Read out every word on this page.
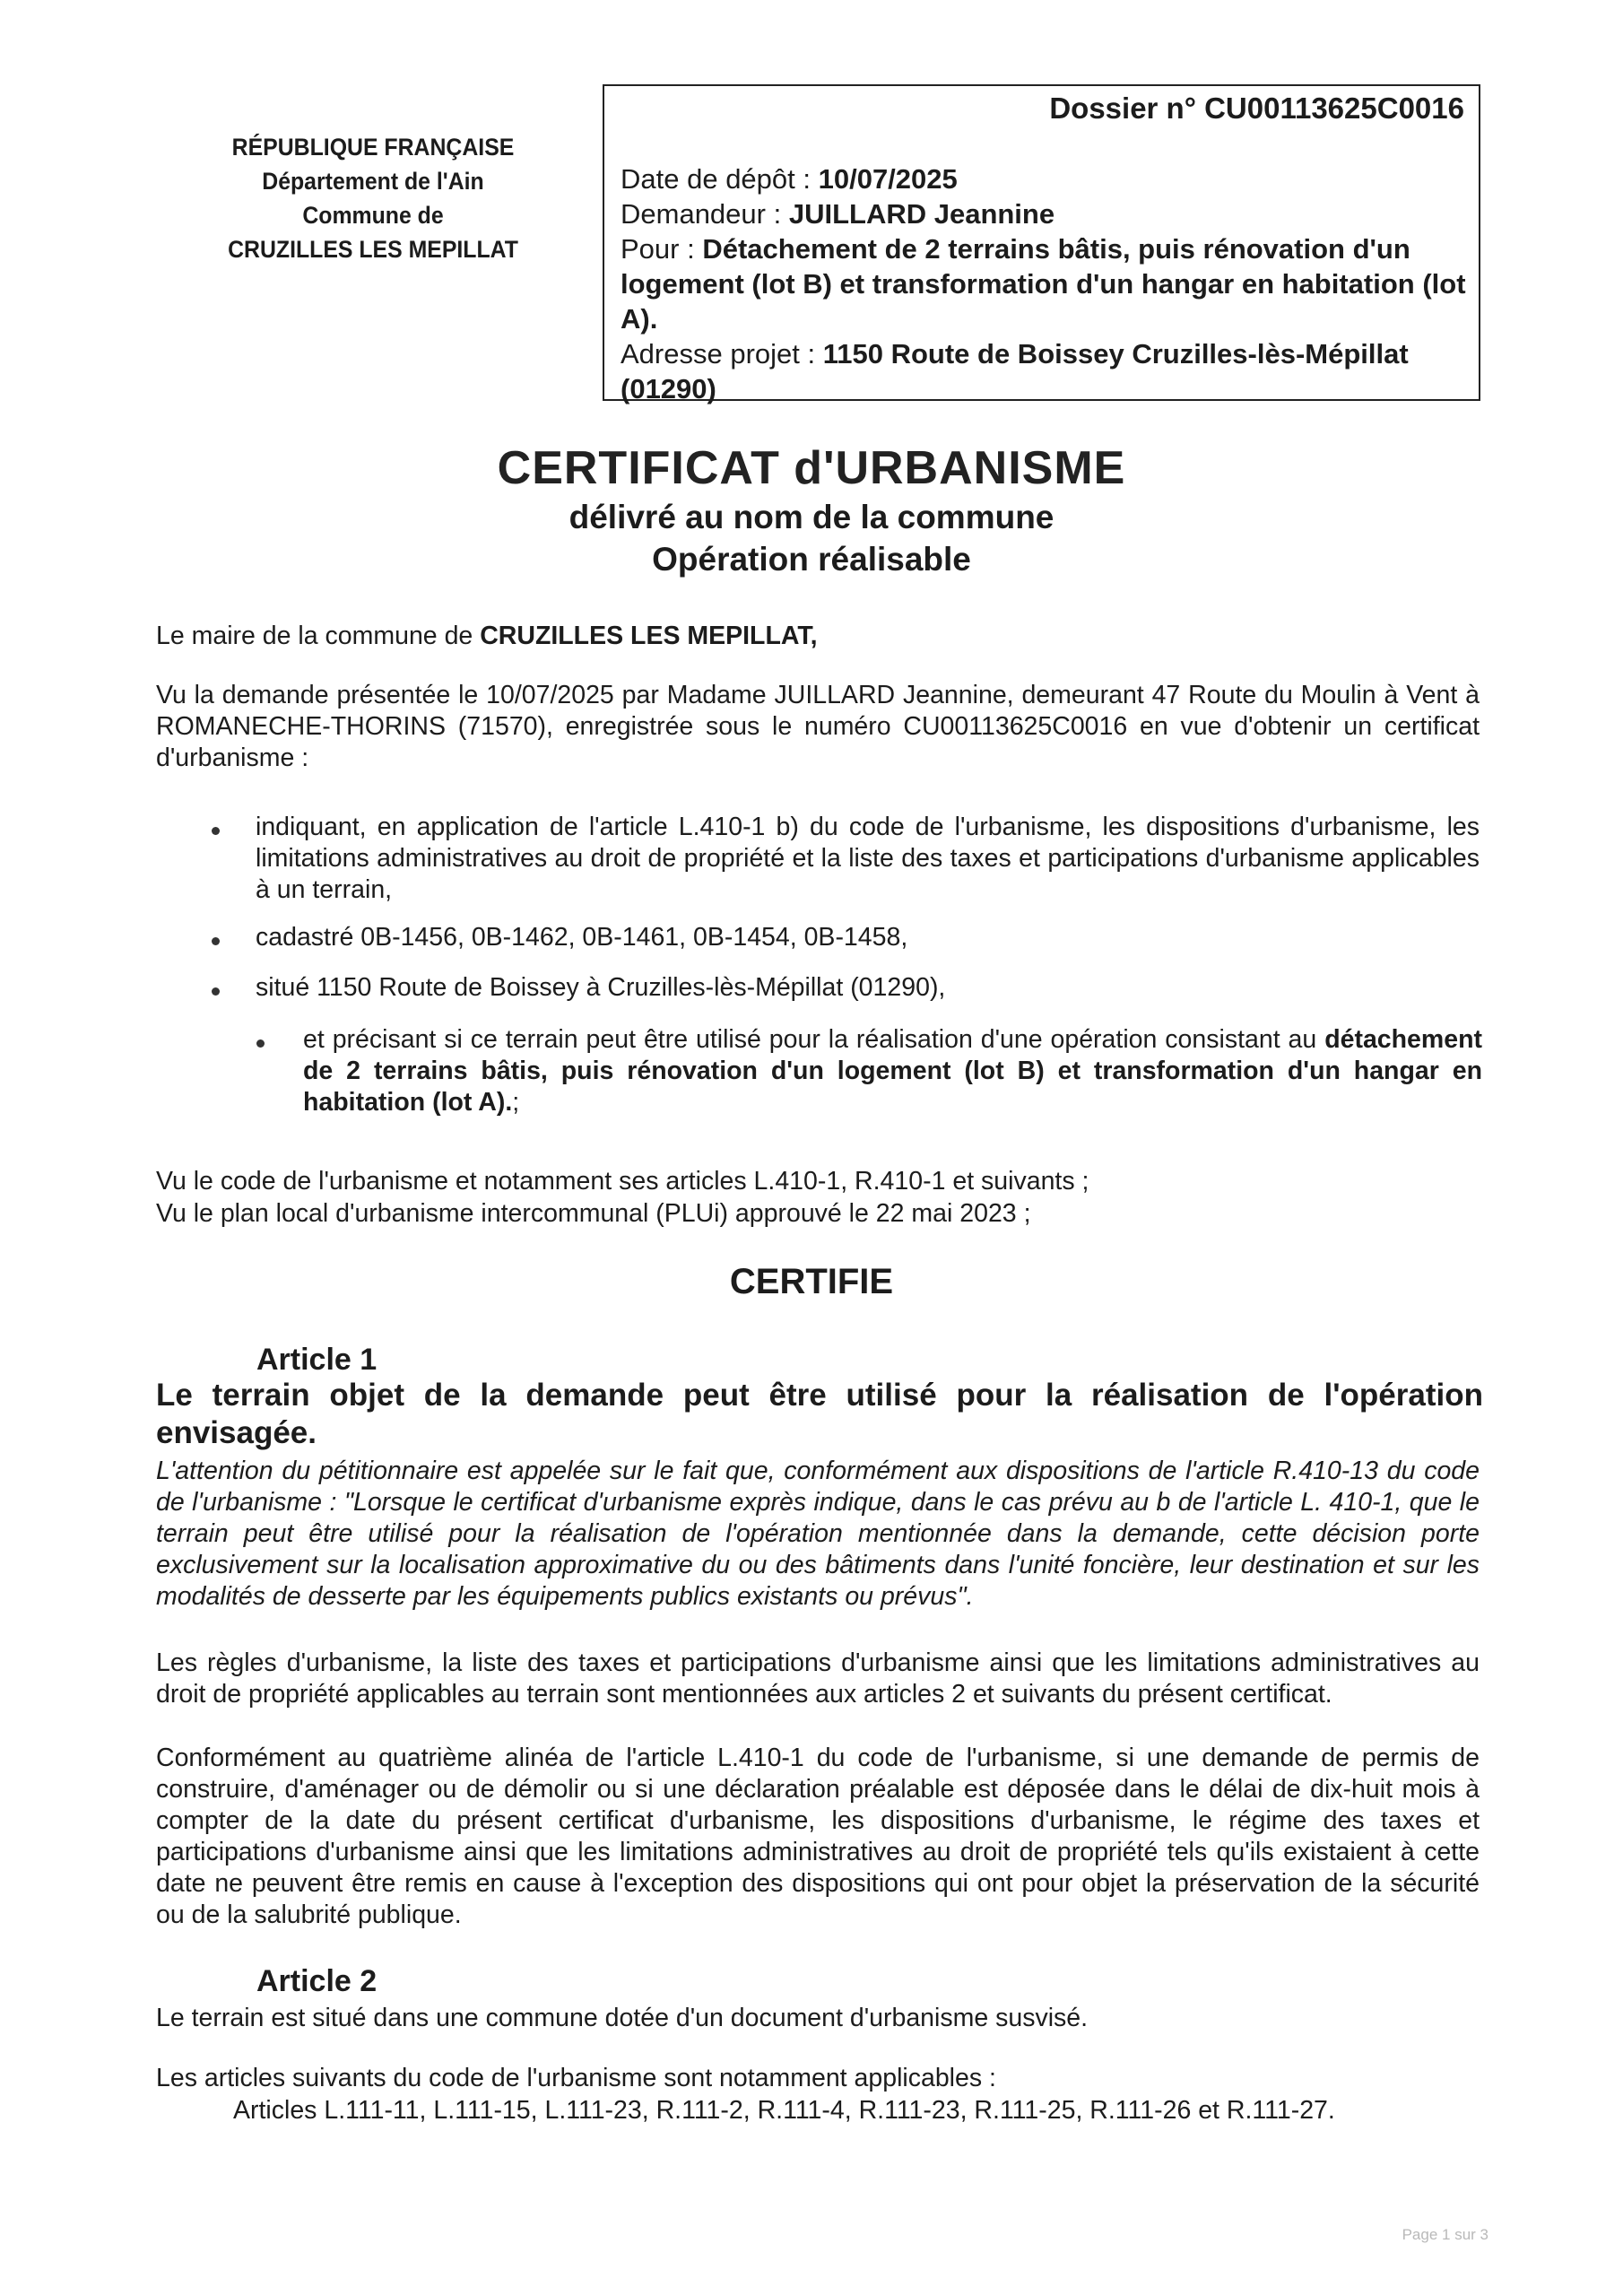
RÉPUBLIQUE FRANÇAISE
Département de l'Ain
Commune de
CRUZILLES LES MEPILLAT
Dossier n° CU00113625C0016
Date de dépôt : 10/07/2025
Demandeur : JUILLARD Jeannine
Pour : Détachement de 2 terrains bâtis, puis rénovation d'un logement (lot B) et transformation d'un hangar en habitation (lot A).
Adresse projet : 1150 Route de Boissey Cruzilles-lès-Mépillat (01290)
CERTIFICAT d'URBANISME
délivré au nom de la commune
Opération réalisable
Le maire de la commune de CRUZILLES LES MEPILLAT,
Vu la demande présentée le 10/07/2025 par Madame JUILLARD Jeannine, demeurant 47 Route du Moulin à Vent à ROMANECHE-THORINS (71570), enregistrée sous le numéro CU00113625C0016 en vue d'obtenir un certificat d'urbanisme :
indiquant, en application de l'article L.410-1 b) du code de l'urbanisme, les dispositions d'urbanisme, les limitations administratives au droit de propriété et la liste des taxes et participations d'urbanisme applicables à un terrain,
cadastré 0B-1456, 0B-1462, 0B-1461, 0B-1454, 0B-1458,
situé 1150 Route de Boissey à Cruzilles-lès-Mépillat (01290),
et précisant si ce terrain peut être utilisé pour la réalisation d'une opération consistant au détachement de 2 terrains bâtis, puis rénovation d'un logement (lot B) et transformation d'un hangar en habitation (lot A).;
Vu le code de l'urbanisme et notamment ses articles L.410-1, R.410-1 et suivants ;
Vu le plan local d'urbanisme intercommunal (PLUi) approuvé le 22 mai 2023 ;
CERTIFIE
Article 1
Le terrain objet de la demande peut être utilisé pour la réalisation de l'opération envisagée.
L'attention du pétitionnaire est appelée sur le fait que, conformément aux dispositions de l'article R.410-13 du code de l'urbanisme : "Lorsque le certificat d'urbanisme exprès indique, dans le cas prévu au b de l'article L. 410-1, que le terrain peut être utilisé pour la réalisation de l'opération mentionnée dans la demande, cette décision porte exclusivement sur la localisation approximative du ou des bâtiments dans l'unité foncière, leur destination et sur les modalités de desserte par les équipements publics existants ou prévus".
Les règles d'urbanisme, la liste des taxes et participations d'urbanisme ainsi que les limitations administratives au droit de propriété applicables au terrain sont mentionnées aux articles 2 et suivants du présent certificat.
Conformément au quatrième alinéa de l'article L.410-1 du code de l'urbanisme, si une demande de permis de construire, d'aménager ou de démolir ou si une déclaration préalable est déposée dans le délai de dix-huit mois à compter de la date du présent certificat d'urbanisme, les dispositions d'urbanisme, le régime des taxes et participations d'urbanisme ainsi que les limitations administratives au droit de propriété tels qu'ils existaient à cette date ne peuvent être remis en cause à l'exception des dispositions qui ont pour objet la préservation de la sécurité ou de la salubrité publique.
Article 2
Le terrain est situé dans une commune dotée d'un document d'urbanisme susvisé.
Les articles suivants du code de l'urbanisme sont notamment applicables :
Articles L.111-11, L.111-15, L.111-23, R.111-2, R.111-4, R.111-23, R.111-25, R.111-26 et R.111-27.
Page 1 sur 3
